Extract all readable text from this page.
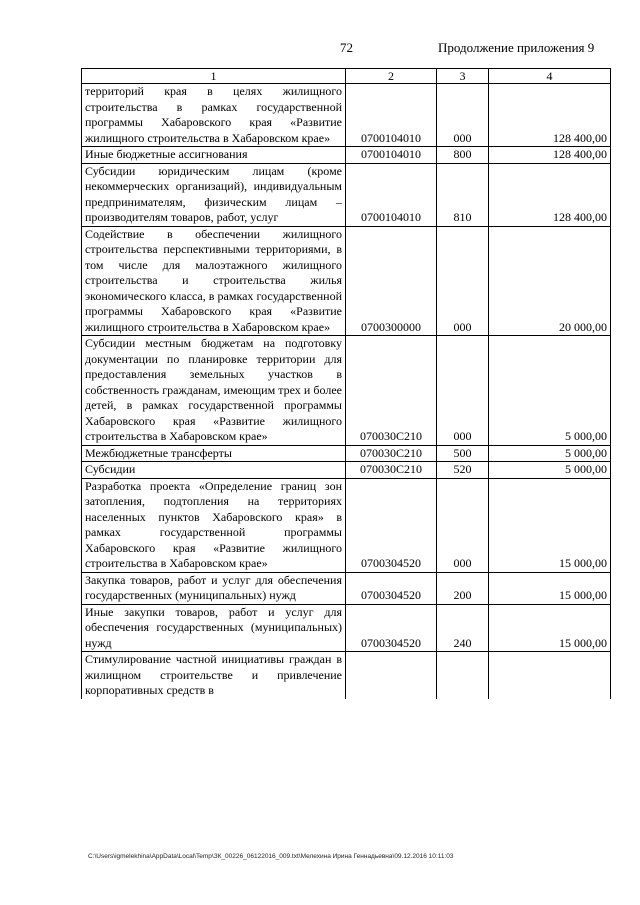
72	Продолжение приложения 9
1	2	3	4
территорий края в целях жилищного строительства в рамках государственной программы Хабаровского края «Развитие жилищного строительства в Хабаровском крае»	0700104010	000	128 400,00
Иные бюджетные ассигнования	0700104010	800	128 400,00
Субсидии юридическим лицам (кроме некоммерческих организаций), индивидуальным предпринимателям, физическим лицам – производителям товаров, работ, услуг	0700104010	810	128 400,00
Содействие в обеспечении жилищного строительства перспективными территориями, в том числе для малоэтажного жилищного строительства и строительства жилья экономического класса, в рамках государственной программы Хабаровского края «Развитие жилищного строительства в Хабаровском крае»	0700300000	000	20 000,00
Субсидии местным бюджетам на подготовку документации по планировке территории для предоставления земельных участков в собственность гражданам, имеющим трех и более детей, в рамках государственной программы Хабаровского края «Развитие жилищного строительства в Хабаровском крае»	070030С210	000	5 000,00
Межбюджетные трансферты	070030С210	500	5 000,00
Субсидии	070030С210	520	5 000,00
Разработка проекта «Определение границ зон затопления, подтопления на территориях населенных пунктов Хабаровского края» в рамках государственной программы Хабаровского края «Развитие жилищного строительства в Хабаровском крае»	0700304520	000	15 000,00
Закупка товаров, работ и услуг для обеспечения государственных (муниципальных) нужд	0700304520	200	15 000,00
Иные закупки товаров, работ и услуг для обеспечения государственных (муниципальных) нужд	0700304520	240	15 000,00
Стимулирование частной инициативы граждан в жилищном строительстве и привлечение корпоративных средств в			
C:\Users\igmelekhina\AppData\Local\Temp\ЗК_00226_06122016_009.txt\Мелехина Ирина Геннадьевна\09.12.2016 10:11:03
